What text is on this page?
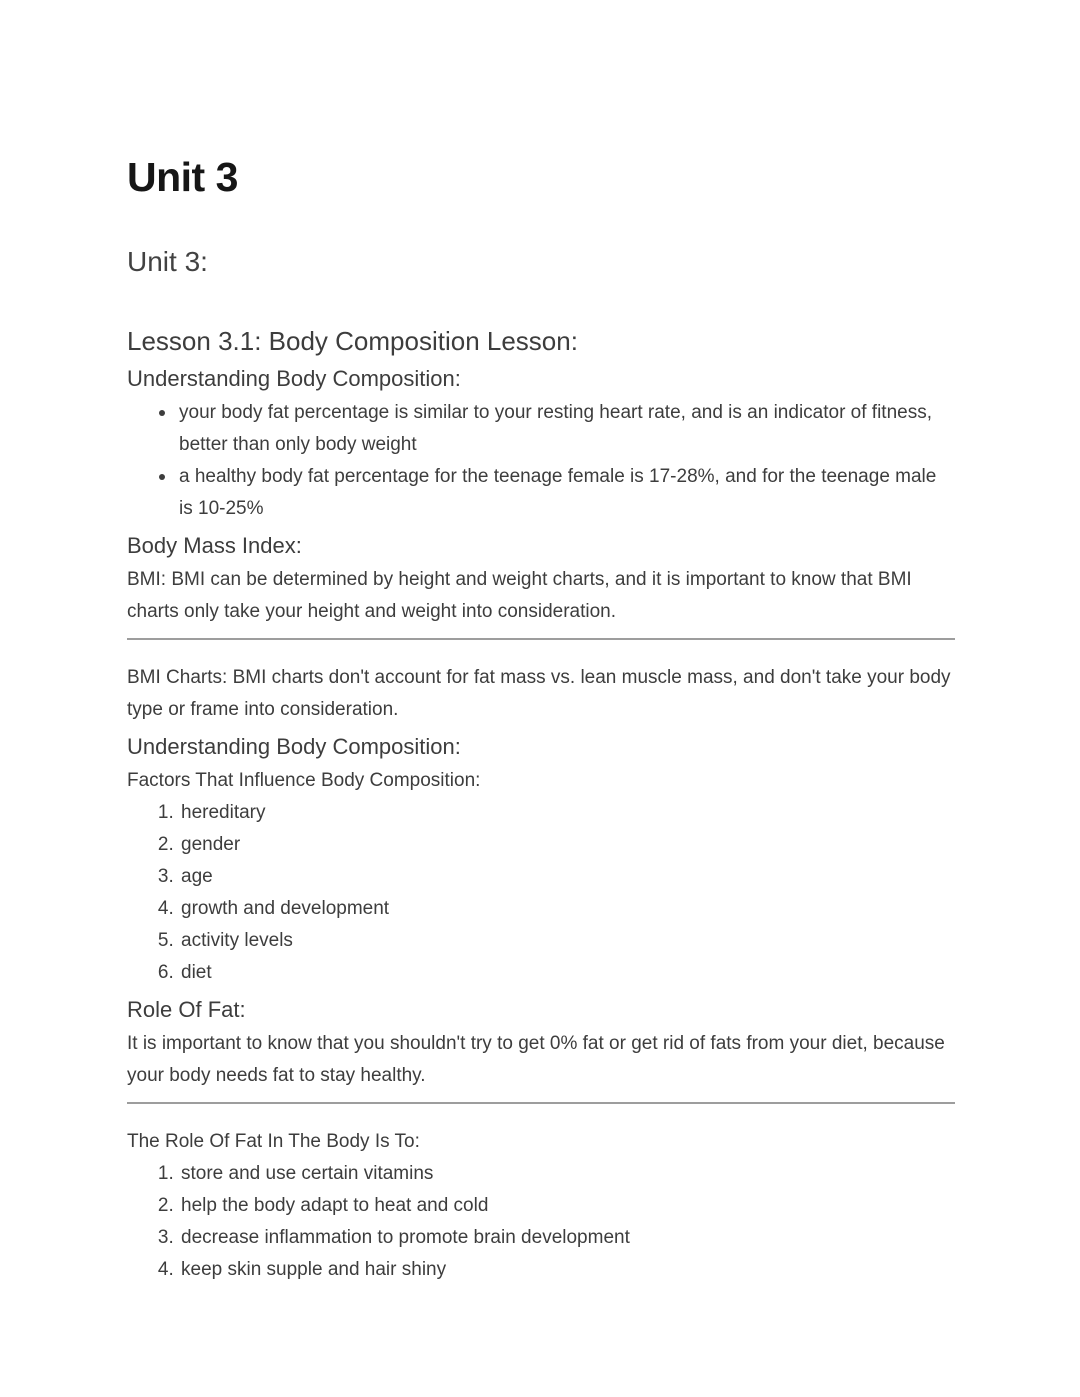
Unit 3
Unit 3:
Lesson 3.1: Body Composition Lesson:
Understanding Body Composition:
your body fat percentage is similar to your resting heart rate, and is an indicator of fitness, better than only body weight
a healthy body fat percentage for the teenage female is 17-28%, and for the teenage male is 10-25%
Body Mass Index:

BMI: BMI can be determined by height and weight charts, and it is important to know that BMI charts only take your height and weight into consideration.

BMI Charts: BMI charts don't account for fat mass vs. lean muscle mass, and don't take your body type or frame into consideration.

Understanding Body Composition:

Factors That Influence Body Composition:

1. hereditary
2. gender
3. age
4. growth and development
5. activity levels
6. diet
Role Of Fat:

It is important to know that you shouldn't try to get 0% fat or get rid of fats from your diet, because your body needs fat to stay healthy.

The Role Of Fat In The Body Is To:

1. store and use certain vitamins
2. help the body adapt to heat and cold
3. decrease inflammation to promote brain development
4. keep skin supple and hair shiny
